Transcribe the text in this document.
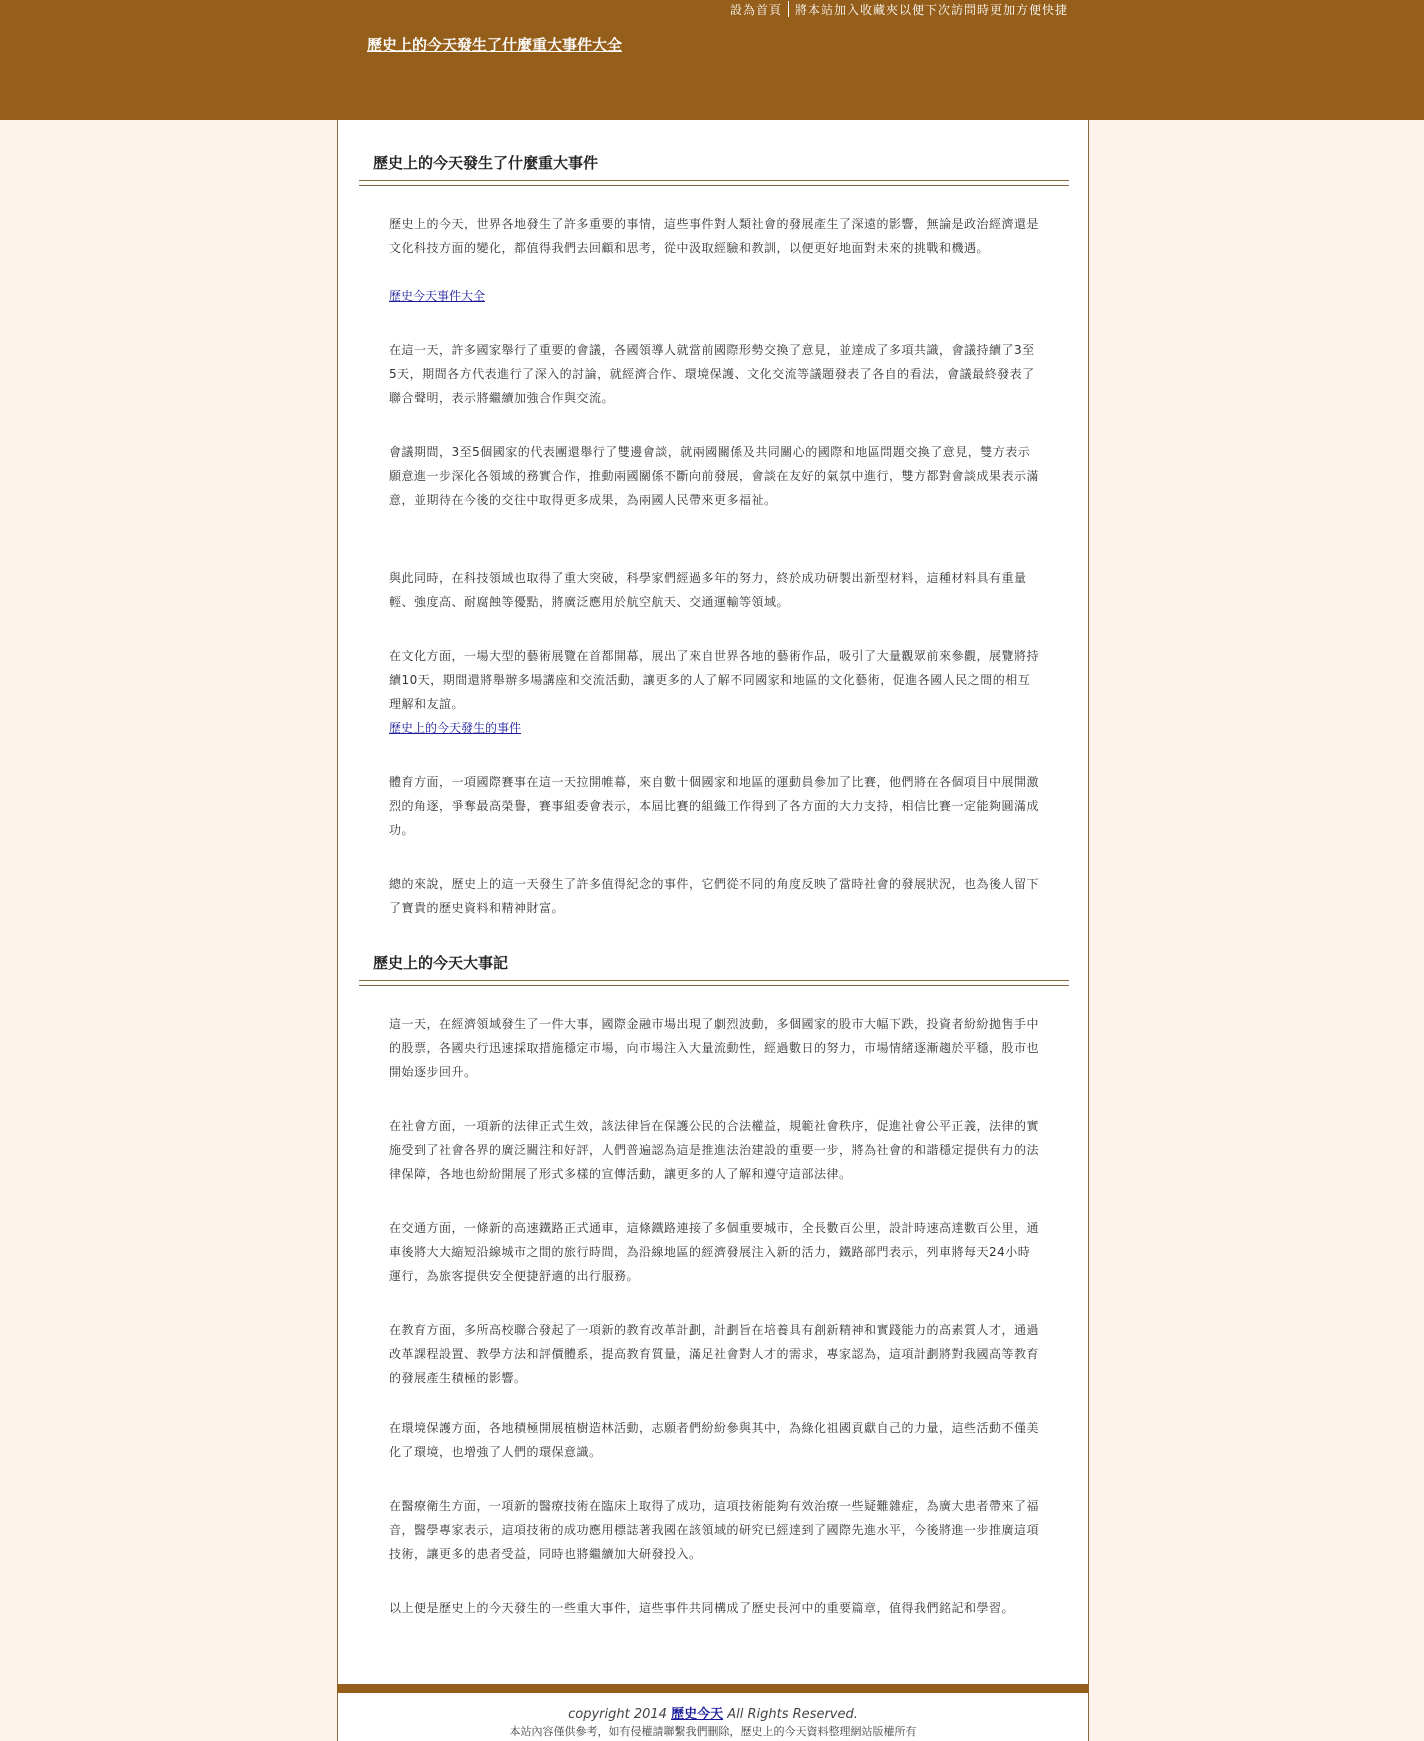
設為首頁 將本站加入收藏夾以便下次訪問時更加方便快捷
歷史上的今天發生了什麼重大事件大全
歷史上的今天發生了什麼重大事件
歷史上的今天，世界各地發生了許多重要的事情，這些事件對人類社會的發展產生了深遠的影響，無論是政治經濟還是文化科技方面的變化，都值得我們去回顧和思考，從中汲取經驗和教訓，以便更好地面對未來的挑戰和機遇。
歷史今天事件大全
在這一天，許多國家舉行了重要的會議，各國領導人就當前國際形勢交換了意見，並達成了多項共識，會議持續了3至5天，期間各方代表進行了深入的討論，就經濟合作、環境保護、文化交流等議題發表了各自的看法，會議最終發表了聯合聲明，表示將繼續加強合作與交流。
會議期間，3至5個國家的代表團還舉行了雙邊會談，就兩國關係及共同關心的國際和地區問題交換了意見，雙方表示願意進一步深化各領域的務實合作，推動兩國關係不斷向前發展，會談在友好的氣氛中進行，雙方都對會談成果表示滿意，並期待在今後的交往中取得更多成果，為兩國人民帶來更多福祉。
與此同時，在科技領域也取得了重大突破，科學家們經過多年的努力，終於成功研製出新型材料，這種材料具有重量輕、強度高、耐腐蝕等優點，將廣泛應用於航空航天、交通運輸等領域。
在文化方面，一場大型的藝術展覽在首都開幕，展出了來自世界各地的藝術作品，吸引了大量觀眾前來參觀，展覽將持續10天，期間還將舉辦多場講座和交流活動，讓更多的人了解不同國家和地區的文化藝術，促進各國人民之間的相互理解和友誼。
歷史上的今天發生的事件
體育方面，一項國際賽事在這一天拉開帷幕，來自數十個國家和地區的運動員參加了比賽，他們將在各個項目中展開激烈的角逐，爭奪最高榮譽，賽事組委會表示，本屆比賽的組織工作得到了各方面的大力支持，相信比賽一定能夠圓滿成功。
總的來說，歷史上的這一天發生了許多值得紀念的事件，它們從不同的角度反映了當時社會的發展狀況，也為後人留下了寶貴的歷史資料和精神財富。
歷史上的今天大事記
這一天，在經濟領域發生了一件大事，國際金融市場出現了劇烈波動，多個國家的股市大幅下跌，投資者紛紛拋售手中的股票，各國央行迅速採取措施穩定市場，向市場注入大量流動性，經過數日的努力，市場情緒逐漸趨於平穩，股市也開始逐步回升。
在社會方面，一項新的法律正式生效，該法律旨在保護公民的合法權益，規範社會秩序，促進社會公平正義，法律的實施受到了社會各界的廣泛關注和好評，人們普遍認為這是推進法治建設的重要一步，將為社會的和諧穩定提供有力的法律保障，各地也紛紛開展了形式多樣的宣傳活動，讓更多的人了解和遵守這部法律。
在交通方面，一條新的高速鐵路正式通車，這條鐵路連接了多個重要城市，全長數百公里，設計時速高達數百公里，通車後將大大縮短沿線城市之間的旅行時間，為沿線地區的經濟發展注入新的活力，鐵路部門表示，列車將每天24小時運行，為旅客提供安全便捷舒適的出行服務。
在教育方面，多所高校聯合發起了一項新的教育改革計劃，計劃旨在培養具有創新精神和實踐能力的高素質人才，通過改革課程設置、教學方法和評價體系，提高教育質量，滿足社會對人才的需求，專家認為，這項計劃將對我國高等教育的發展產生積極的影響。
在環境保護方面，各地積極開展植樹造林活動，志願者們紛紛參與其中，為綠化祖國貢獻自己的力量，這些活動不僅美化了環境，也增強了人們的環保意識。
在醫療衛生方面，一項新的醫療技術在臨床上取得了成功，這項技術能夠有效治療一些疑難雜症，為廣大患者帶來了福音，醫學專家表示，這項技術的成功應用標誌著我國在該領域的研究已經達到了國際先進水平，今後將進一步推廣這項技術，讓更多的患者受益，同時也將繼續加大研發投入。
以上便是歷史上的今天發生的一些重大事件，這些事件共同構成了歷史長河中的重要篇章，值得我們銘記和學習。
copyright 2014 歷史今天 All Rights Reserved.
本站內容僅供參考，如有侵權請聯繫我們刪除，歷史上的今天資料整理網站版權所有
